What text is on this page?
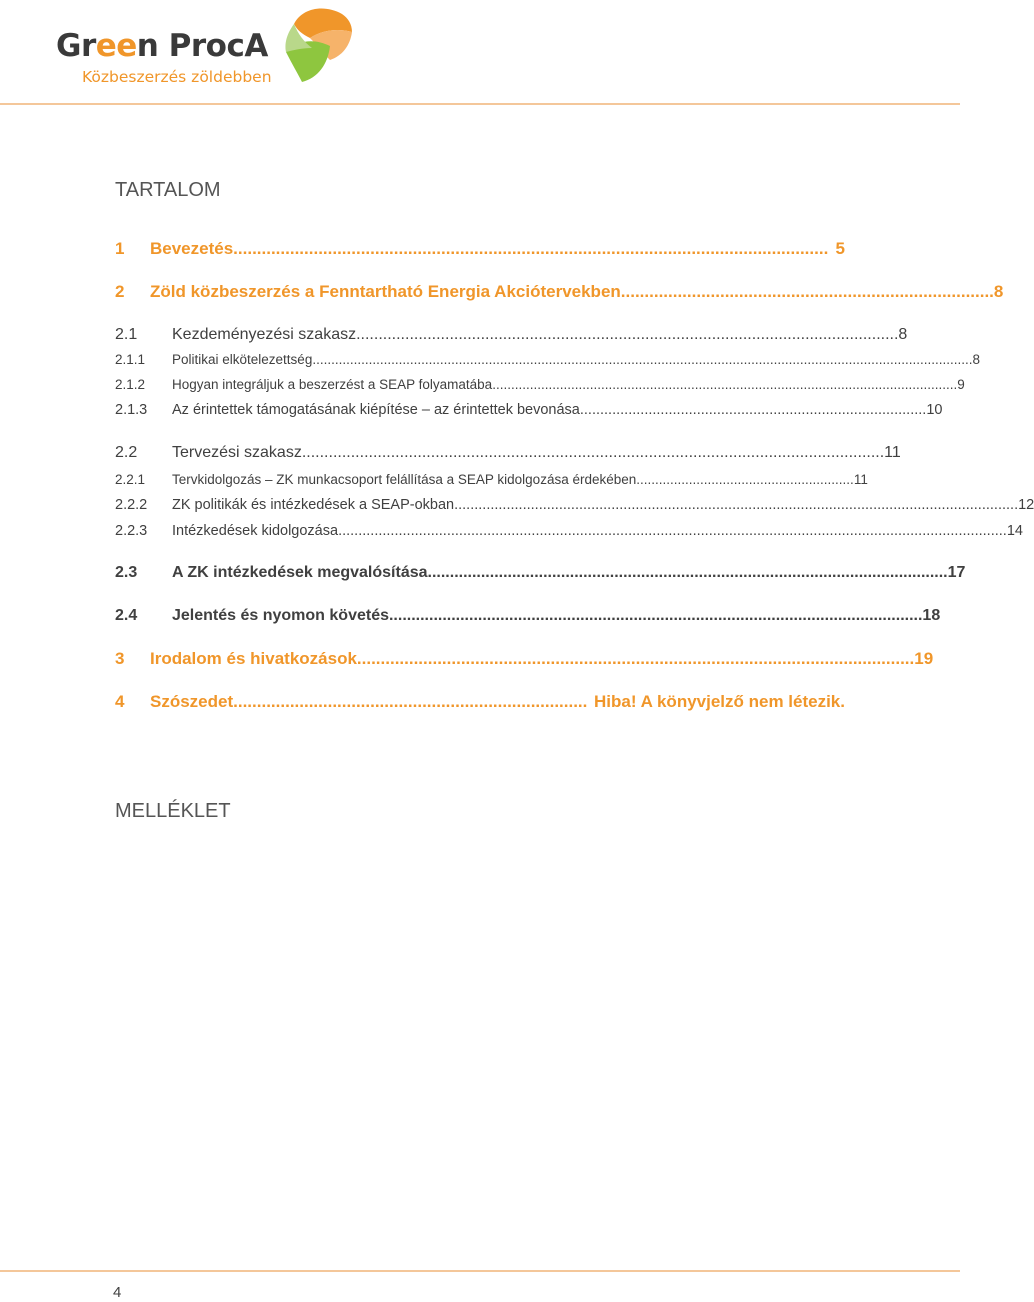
Green ProcA
Közbeszerzés zöldebben
TARTALOM
1	Bevezetés .............................................................................................................................. 5
2	Zöld közbeszerzés a Fenntartható Energia Akciótervekben ............................................................................... 8
2.1	Kezdeményezési szakasz .......................................................................................................................... 8
2.1.1	Politikai elkötelezettség ................................................................................................................................................................................ 8
2.1.2	Hogyan integráljuk a beszerzést a SEAP folyamatába ............................................................................................................................ 9
2.1.3	Az érintettek támogatásának kiépítése – az érintettek bevonása ...................................................................................... 10
2.2	Tervezési szakasz ................................................................................................................................... 11
2.2.1	Tervkidolgozás – ZK munkacsoport felállítása a SEAP kidolgozása érdekében .......................................................... 11
2.2.2	ZK politikák és intézkedések a SEAP-okban ............................................................................................................................................ 12
2.2.3	Intézkedések kidolgozása ...................................................................................................................................................................... 14
2.3	A ZK intézkedések megvalósítása ..................................................................................................................... 17
2.4	Jelentés és nyomon követés ........................................................................................................................ 18
3	Irodalom és hivatkozások ...................................................................................................................... 19
4	Szószedet ........................................................................... Hiba! A könyvjelző nem létezik.
MELLÉKLET
4
